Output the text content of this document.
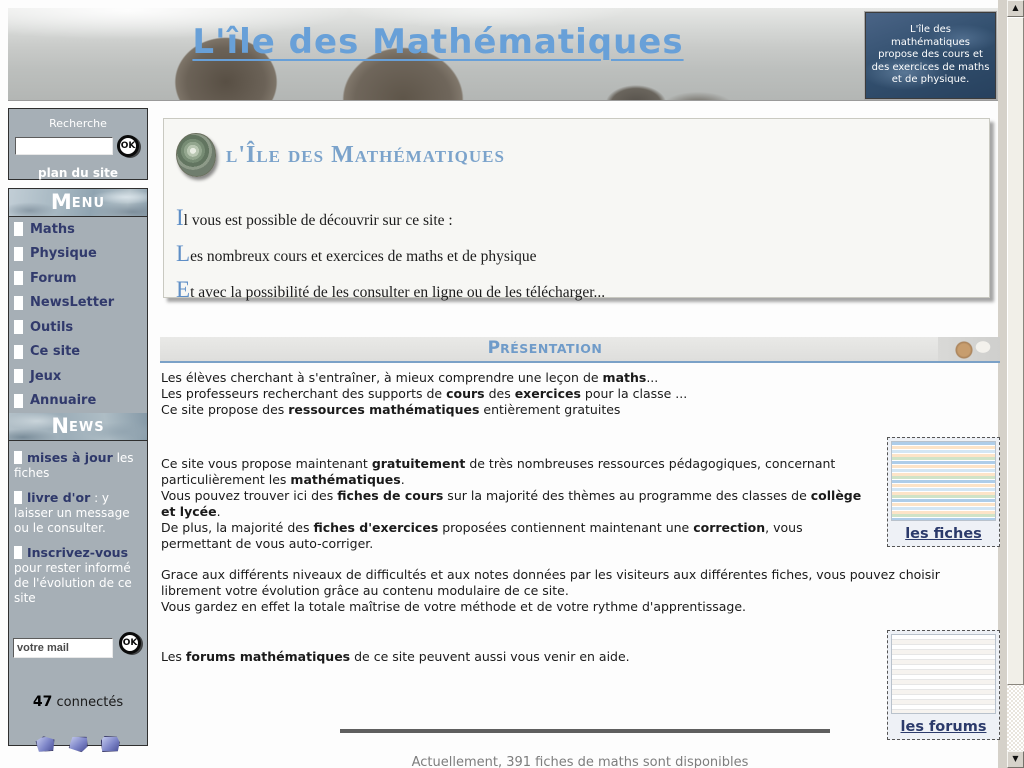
L'île des Mathématiques	L'île des mathématiques propose des cours et des exercices de maths et de physique.
Recherche
OK
plan du site
MENU
Maths
Physique
Forum
NewsLetter
Outils
Ce site
Jeux
Annuaire
NEWS
mises à jour les fiches
livre d'or : y laisser un message ou le consulter.
Inscrivez-vous pour rester informé de l'évolution de ce site
votre mail
OK
47 connectés
l'Île des Mathématiques
Il vous est possible de découvrir sur ce site :
Les nombreux cours et exercices de maths et de physique
Et avec la possibilité de les consulter en ligne ou de les télécharger...
PRÉSENTATION
Les élèves cherchant à s'entraîner, à mieux comprendre une leçon de maths...
Les professeurs recherchant des supports de cours des exercices pour la classe ...
Ce site propose des ressources mathématiques entièrement gratuites
Ce site vous propose maintenant gratuitement de très nombreuses ressources pédagogiques, concernant particulièrement les mathématiques.
Vous pouvez trouver ici des fiches de cours sur la majorité des thèmes au programme des classes de collège et lycée.
De plus, la majorité des fiches d'exercices proposées contiennent maintenant une correction, vous permettant de vous auto-corriger.
Grace aux différents niveaux de difficultés et aux notes données par les visiteurs aux différentes fiches, vous pouvez choisir librement votre évolution grâce au contenu modulaire de ce site.
Vous gardez en effet la totale maîtrise de votre méthode et de votre rythme d'apprentissage.
Les forums mathématiques de ce site peuvent aussi vous venir en aide.
les fiches
les forums
Actuellement, 391 fiches de maths sont disponibles
▲
▼
